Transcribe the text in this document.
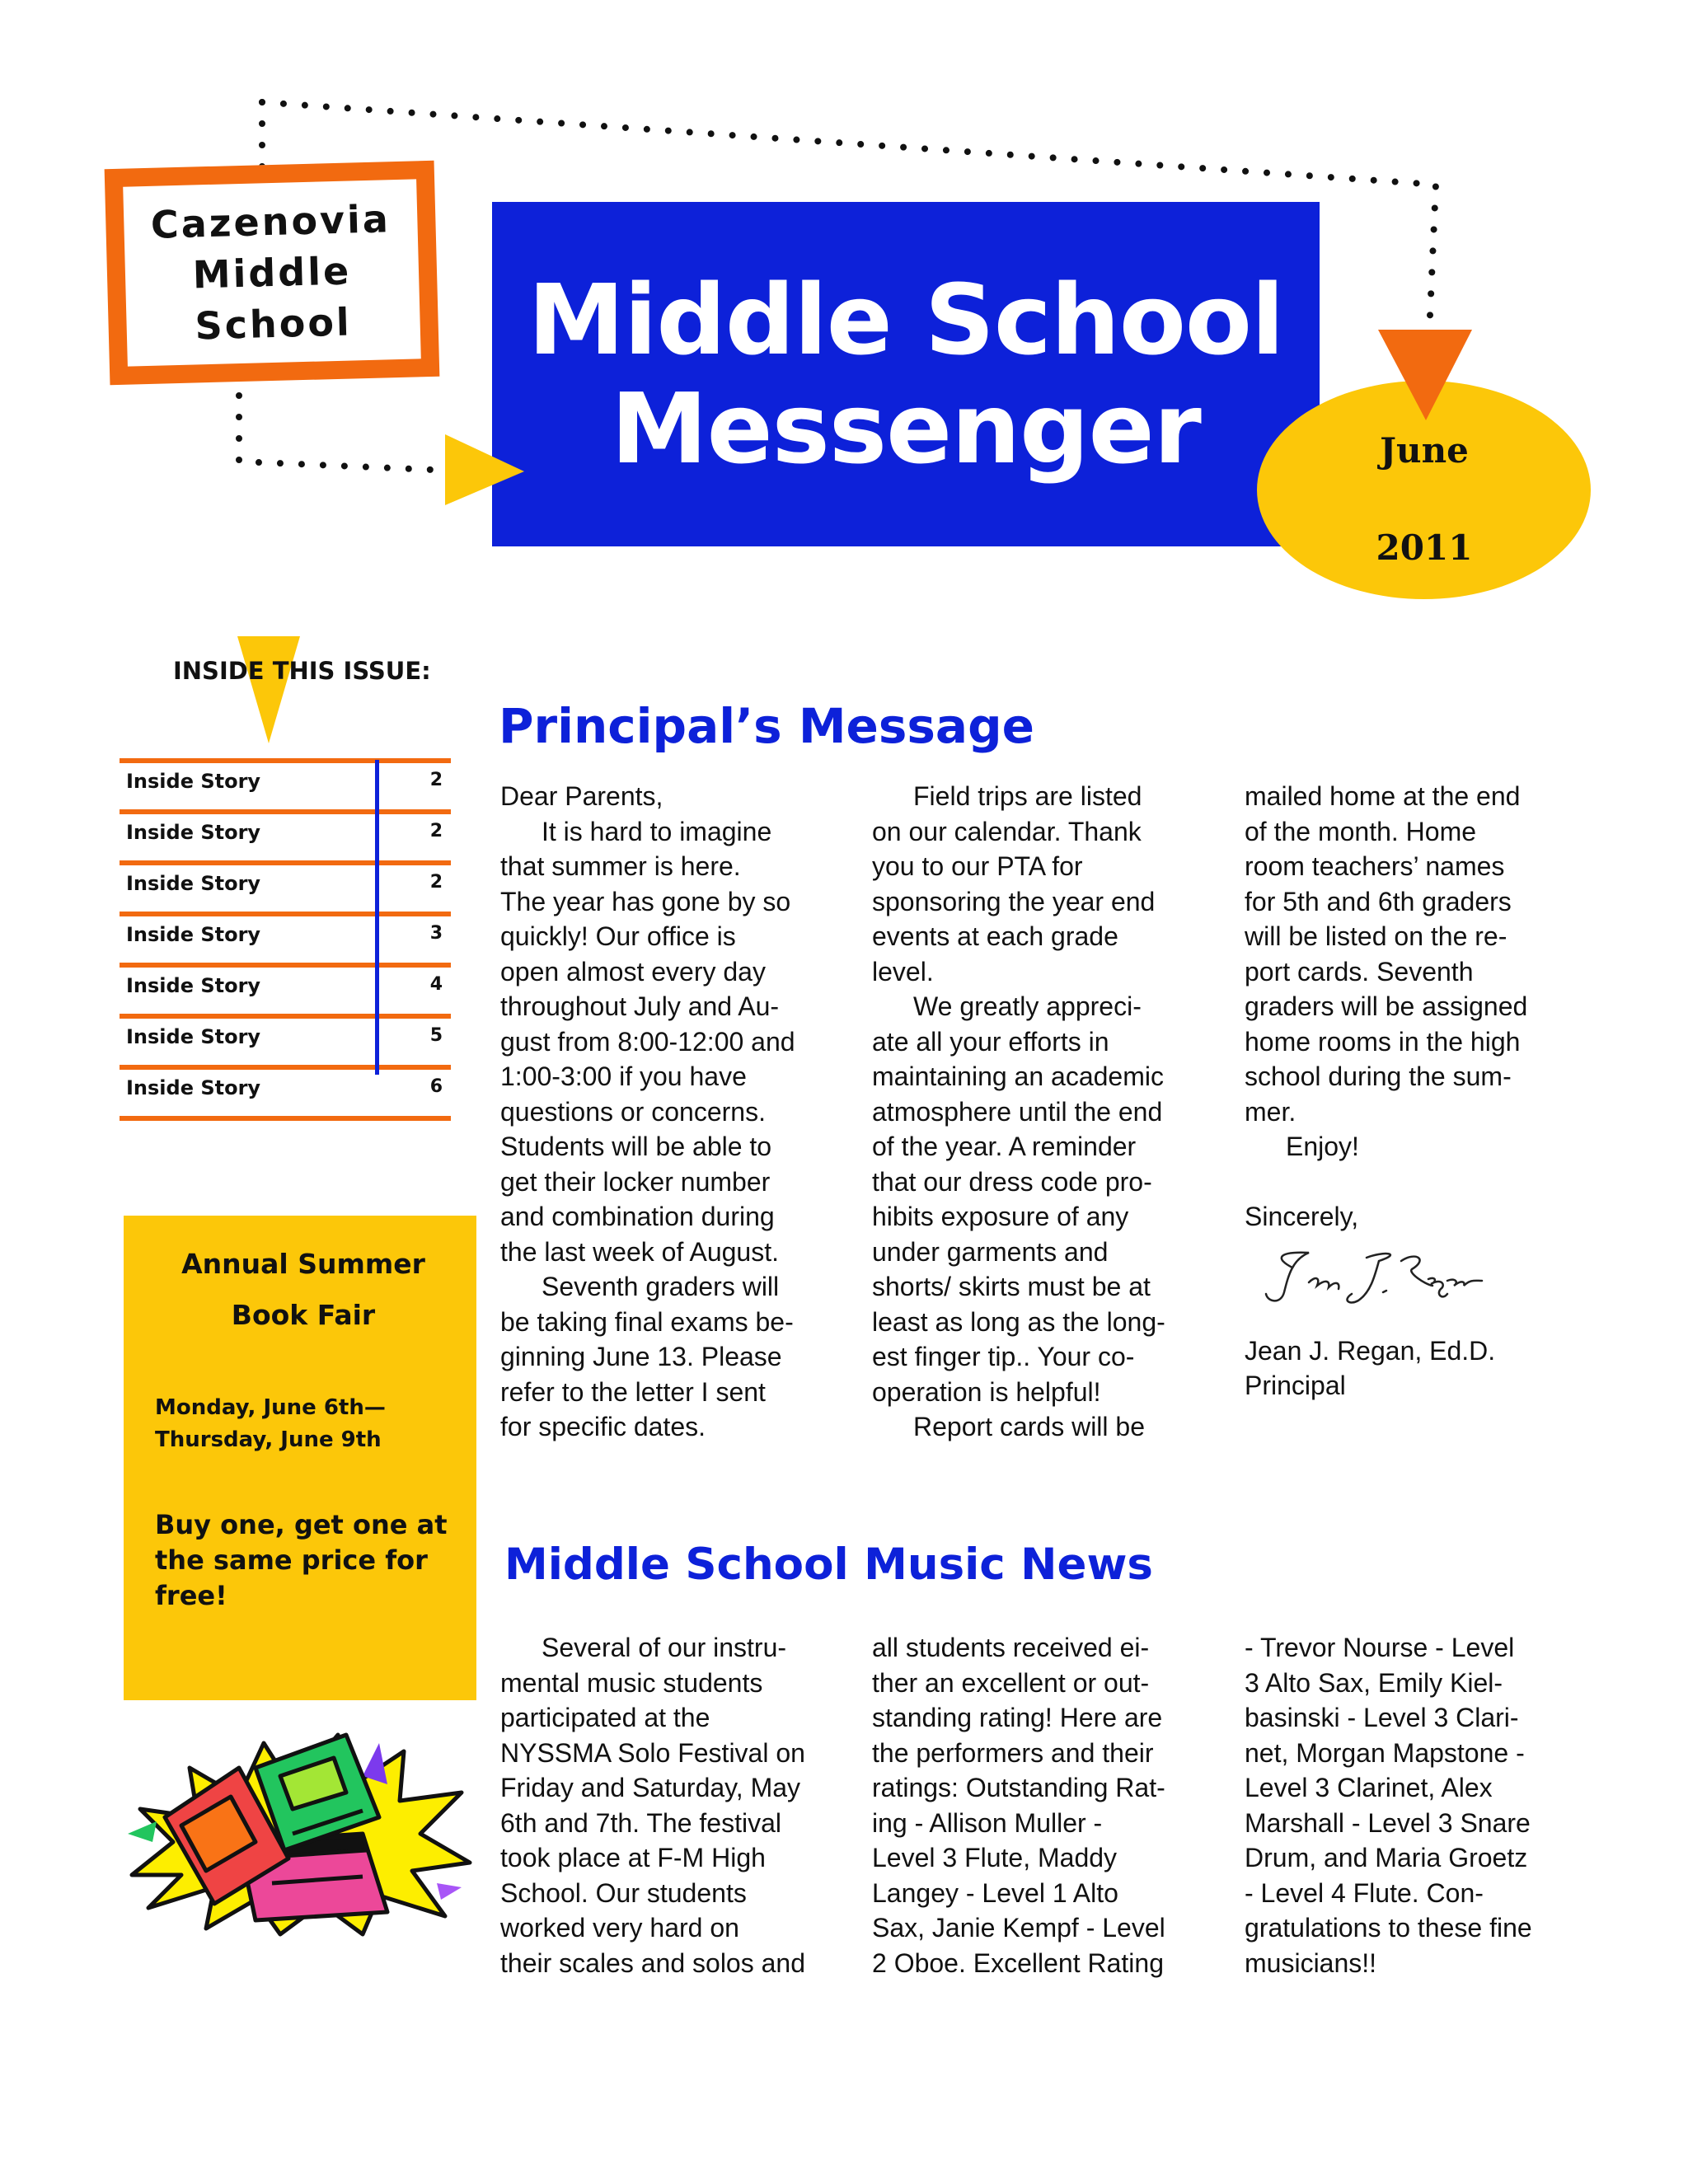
Cazenovia
Middle
School	Middle School
Messenger	June
2011
INSIDE THIS ISSUE:
Inside Story	2
Inside Story	2
Inside Story	2
Inside Story	3
Inside Story	4
Inside Story	5
Inside Story	6
Annual Summer
Book Fair
Monday, June 6th—
Thursday, June 9th
Buy one, get one at the same price for free!
Principal’s Message

Dear Parents,

It is hard to imagine
that summer is here.
The year has gone by so
quickly! Our office is
open almost every day
throughout July and Au-
gust from 8:00-12:00 and
1:00-3:00 if you have
questions or concerns.
Students will be able to
get their locker number
and combination during
the last week of August.

Seventh graders will
be taking final exams be-
ginning June 13. Please
refer to the letter I sent
for specific dates.

Field trips are listed
on our calendar. Thank
you to our PTA for
sponsoring the year end
events at each grade
level.

We greatly appreci-
ate all your efforts in
maintaining an academic
atmosphere until the end
of the year. A reminder
that our dress code pro-
hibits exposure of any
under garments and
shorts/ skirts must be at
least as long as the long-
est finger tip.. Your co-
operation is helpful!

Report cards will be

mailed home at the end
of the month. Home
room teachers’ names
for 5th and 6th graders
will be listed on the re-
port cards. Seventh
graders will be assigned
home rooms in the high
school during the sum-
mer.

Enjoy!

Sincerely,

Jean J. Regan, Ed.D.

Principal

Middle School Music News

Several of our instru-
mental music students
participated at the
NYSSMA Solo Festival on
Friday and Saturday, May
6th and 7th. The festival
took place at F-M High
School. Our students
worked very hard on
their scales and solos and

all students received ei-
ther an excellent or out-
standing rating! Here are
the performers and their
ratings: Outstanding Rat-
ing - Allison Muller -
Level 3 Flute, Maddy
Langey - Level 1 Alto
Sax, Janie Kempf - Level
2 Oboe. Excellent Rating

- Trevor Nourse - Level
3 Alto Sax, Emily Kiel-
basinski - Level 3 Clari-
net, Morgan Mapstone -
Level 3 Clarinet, Alex
Marshall - Level 3 Snare
Drum, and Maria Groetz
- Level 4 Flute. Con-
gratulations to these fine
musicians!!
